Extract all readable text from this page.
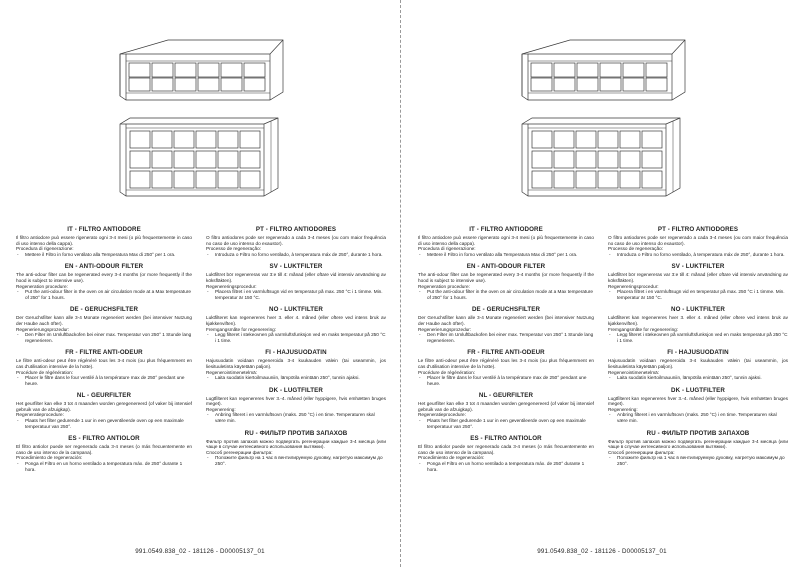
IT - FILTRO ANTIODORE

Il filtro antiodore può essere rigenerato ogni 3-4 mesi (o più frequentemente in caso di uso intenso della cappa).

Procedura di rigenerazione:
- Mettere il Filtro in forno ventilato alla Temperatura Max di 250° per 1 ora.
EN - ANTI-ODOUR FILTER

The anti-odour filter can be regenerated every 3-4 months (or more frequently if the hood is subject to intensive use).

Regeneration procedure:
- Put the anti-odour filter in the oven on air circulation mode at a Max temperature of 250° for 1 hours.
DE - GERUCHSFILTER

Der Geruchsfilter kann alle 3-4 Monate regeneriert werden (bei intensiver Nutzung der Haube auch öfter).

Regenerierungsprozedur:
- Den Filter im Umluftbackofen bei einer max. Temperatur von 250° 1 Stunde lang regenerieren.
FR - FILTRE ANTI-ODEUR

Le filtre anti-odeur peut être régénéré tous les 3-4 mois (ou plus fréquemment en cas d'utilisation intensive de la hotte).

Procédure de régénération:
- Placer le filtre dans le four ventilé à la température max de 250° pendant une heure.
NL - GEURFILTER

Het geurfilter kan elke 3 tot 4 maanden worden geregenereerd (of vaker bij intensief gebruik van de afzuigkap).

Regeneratieprocedure:
- Plaats het filter gedurende 1 uur in een geventileerde oven op een maximale temperatuur van 250°.
ES - FILTRO ANTIOLOR

El filtro antiolor puede ser regenerado cada 3-4 meses (o más frecuentemente en caso de uso intenso de la campana).

Procedimiento de regeneración:
- Ponga el Filtro en un horno ventilado a temperatura máx. de 250° durante 1 hora.
PT - FILTRO ANTIODORES

O filtro antiodores pode ser regenerado a cada 3-4 meses (ou com maior frequência no caso de uso intenso do exaustor).

Processo de regeneração:
- Introduza o Filtro no forno ventilado, à temperatura máx de 250°, durante 1 hora.
SV - LUKTFILTER

Luktfiltret bör regenereras var 3:e till 4: månad (eller oftare vid intensiv användning av köksfläkten).

Regenereringsprocedur:
- Placera filtret i en varmluftsugn vid en temperatur på max. 250 °C i 1 timme. Min. temperatur är 150 °C.
NO - LUKTFILTER

Luktfilteret kan regenereres hver 3. eller 4. måned (eller oftere ved intens bruk av kjøkkenviften).

Fremgangsmåte for regenerering:
- Legg filteret i stekeovnen på varmluftsfunksjon ved en maks temperatur på 250 °C i 1 time.
FI - HAJUSUODATIN

Hajusuodatin voidaan regeneroida 3-4 kuukauden välein (tai useammin, jos liesituuletinta käytetään paljon).

Regenerointimenetelmä:
- Laita suodatin kiertoilmauuniin, lämpötila enintään 250°, tunnin ajaksi.
DK - LUGTFILTER

Lugtfilteret kan regenereres hver 3.-4. måned (eller hyppigere, hvis emhætten bruges meget).

Regenerering:
- Anbring filteret i en varmluftsovn (maks. 250 °C) i en time. Temperaturen skal være min.
RU - ФИЛЬТР ПРОТИВ ЗАПАХОВ

Фильтр против запахов можно подвергать регенерации каждые 3-4 месяца (или чаще в случае интенсивного использования вытяжки).

Способ регенерации фильтра:
- Положите фильтр на 1 час в вентилируемую духовку, нагретую максимум до 250°.
991.0549.838_02 - 181126 - D00005137_01
IT - FILTRO ANTIODORE

Il filtro antiodore può essere rigenerato ogni 3-4 mesi (o più frequentemente in caso di uso intenso della cappa).

Procedura di rigenerazione:
- Mettere il Filtro in forno ventilato alla Temperatura Max di 250° per 1 ora.
EN - ANTI-ODOUR FILTER

The anti-odour filter can be regenerated every 3-4 months (or more frequently if the hood is subject to intensive use).

Regeneration procedure:
- Put the anti-odour filter in the oven on air circulation mode at a Max temperature of 250° for 1 hours.
DE - GERUCHSFILTER

Der Geruchsfilter kann alle 3-4 Monate regeneriert werden (bei intensiver Nutzung der Haube auch öfter).

Regenerierungsprozedur:
- Den Filter im Umluftbackofen bei einer max. Temperatur von 250° 1 Stunde lang regenerieren.
FR - FILTRE ANTI-ODEUR

Le filtre anti-odeur peut être régénéré tous les 3-4 mois (ou plus fréquemment en cas d'utilisation intensive de la hotte).

Procédure de régénération:
- Placer le filtre dans le four ventilé à la température max de 250° pendant une heure.
NL - GEURFILTER

Het geurfilter kan elke 3 tot 4 maanden worden geregenereerd (of vaker bij intensief gebruik van de afzuigkap).

Regeneratieprocedure:
- Plaats het filter gedurende 1 uur in een geventileerde oven op een maximale temperatuur van 250°.
ES - FILTRO ANTIOLOR

El filtro antiolor puede ser regenerado cada 3-4 meses (o más frecuentemente en caso de uso intenso de la campana).

Procedimiento de regeneración:
- Ponga el Filtro en un horno ventilado a temperatura máx. de 250° durante 1 hora.
PT - FILTRO ANTIODORES

O filtro antiodores pode ser regenerado a cada 3-4 meses (ou com maior frequência no caso de uso intenso do exaustor).

Processo de regeneração:
- Introduza o Filtro no forno ventilado, à temperatura máx de 250°, durante 1 hora.
SV - LUKTFILTER

Luktfiltret bör regenereras var 3:e till 4: månad (eller oftare vid intensiv användning av köksfläkten).

Regenereringsprocedur:
- Placera filtret i en varmluftsugn vid en temperatur på max. 250 °C i 1 timme. Min. temperatur är 150 °C.
NO - LUKTFILTER

Luktfilteret kan regenereres hver 3. eller 4. måned (eller oftere ved intens bruk av kjøkkenviften).

Fremgangsmåte for regenerering:
- Legg filteret i stekeovnen på varmluftsfunksjon ved en maks temperatur på 250 °C i 1 time.
FI - HAJUSUODATIN

Hajusuodatin voidaan regeneroida 3-4 kuukauden välein (tai useammin, jos liesituuletinta käytetään paljon).

Regenerointimenetelmä:
- Laita suodatin kiertoilmauuniin, lämpötila enintään 250°, tunnin ajaksi.
DK - LUGTFILTER

Lugtfilteret kan regenereres hver 3.-4. måned (eller hyppigere, hvis emhætten bruges meget).

Regenerering:
- Anbring filteret i en varmluftsovn (maks. 250 °C) i en time. Temperaturen skal være min.
RU - ФИЛЬТР ПРОТИВ ЗАПАХОВ

Фильтр против запахов можно подвергать регенерации каждые 3-4 месяца (или чаще в случае интенсивного использования вытяжки).

Способ регенерации фильтра:
- Положите фильтр на 1 час в вентилируемую духовку, нагретую максимум до 250°.
991.0549.838_02 - 181126 - D00005137_01
